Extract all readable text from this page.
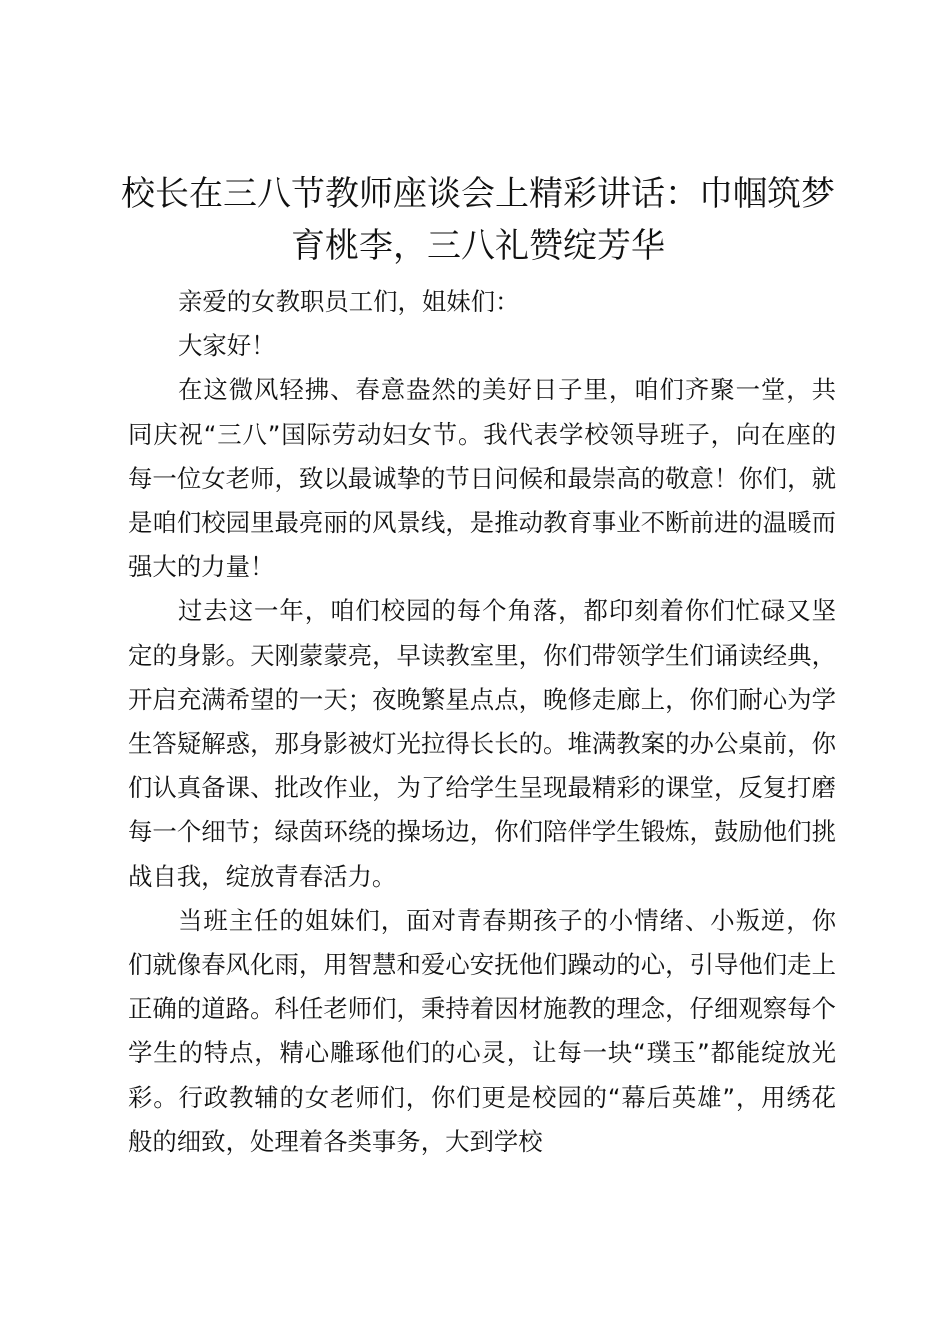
校长在三八节教师座谈会上精彩讲话：巾帼筑梦育桃李，三八礼赞绽芳华

亲爱的女教职员工们，姐妹们：

大家好！

在这微风轻拂、春意盎然的美好日子里，咱们齐聚一堂，共同庆祝“三八”国际劳动妇女节。我代表学校领导班子，向在座的每一位女老师，致以最诚挚的节日问候和最崇高的敬意！你们，就是咱们校园里最亮丽的风景线，是推动教育事业不断前进的温暖而强大的力量！

过去这一年，咱们校园的每个角落，都印刻着你们忙碌又坚定的身影。天刚蒙蒙亮，早读教室里，你们带领学生们诵读经典，开启充满希望的一天；夜晚繁星点点，晚修走廊上，你们耐心为学生答疑解惑，那身影被灯光拉得长长的。堆满教案的办公桌前，你们认真备课、批改作业，为了给学生呈现最精彩的课堂，反复打磨每一个细节；绿茵环绕的操场边，你们陪伴学生锻炼，鼓励他们挑战自我，绽放青春活力。

当班主任的姐妹们，面对青春期孩子的小情绪、小叛逆，你们就像春风化雨，用智慧和爱心安抚他们躁动的心，引导他们走上正确的道路。科任老师们，秉持着因材施教的理念，仔细观察每个学生的特点，精心雕琢他们的心灵，让每一块“璞玉”都能绽放光彩。行政教辅的女老师们，你们更是校园的“幕后英雄”，用绣花般的细致，处理着各类事务，大到学校
